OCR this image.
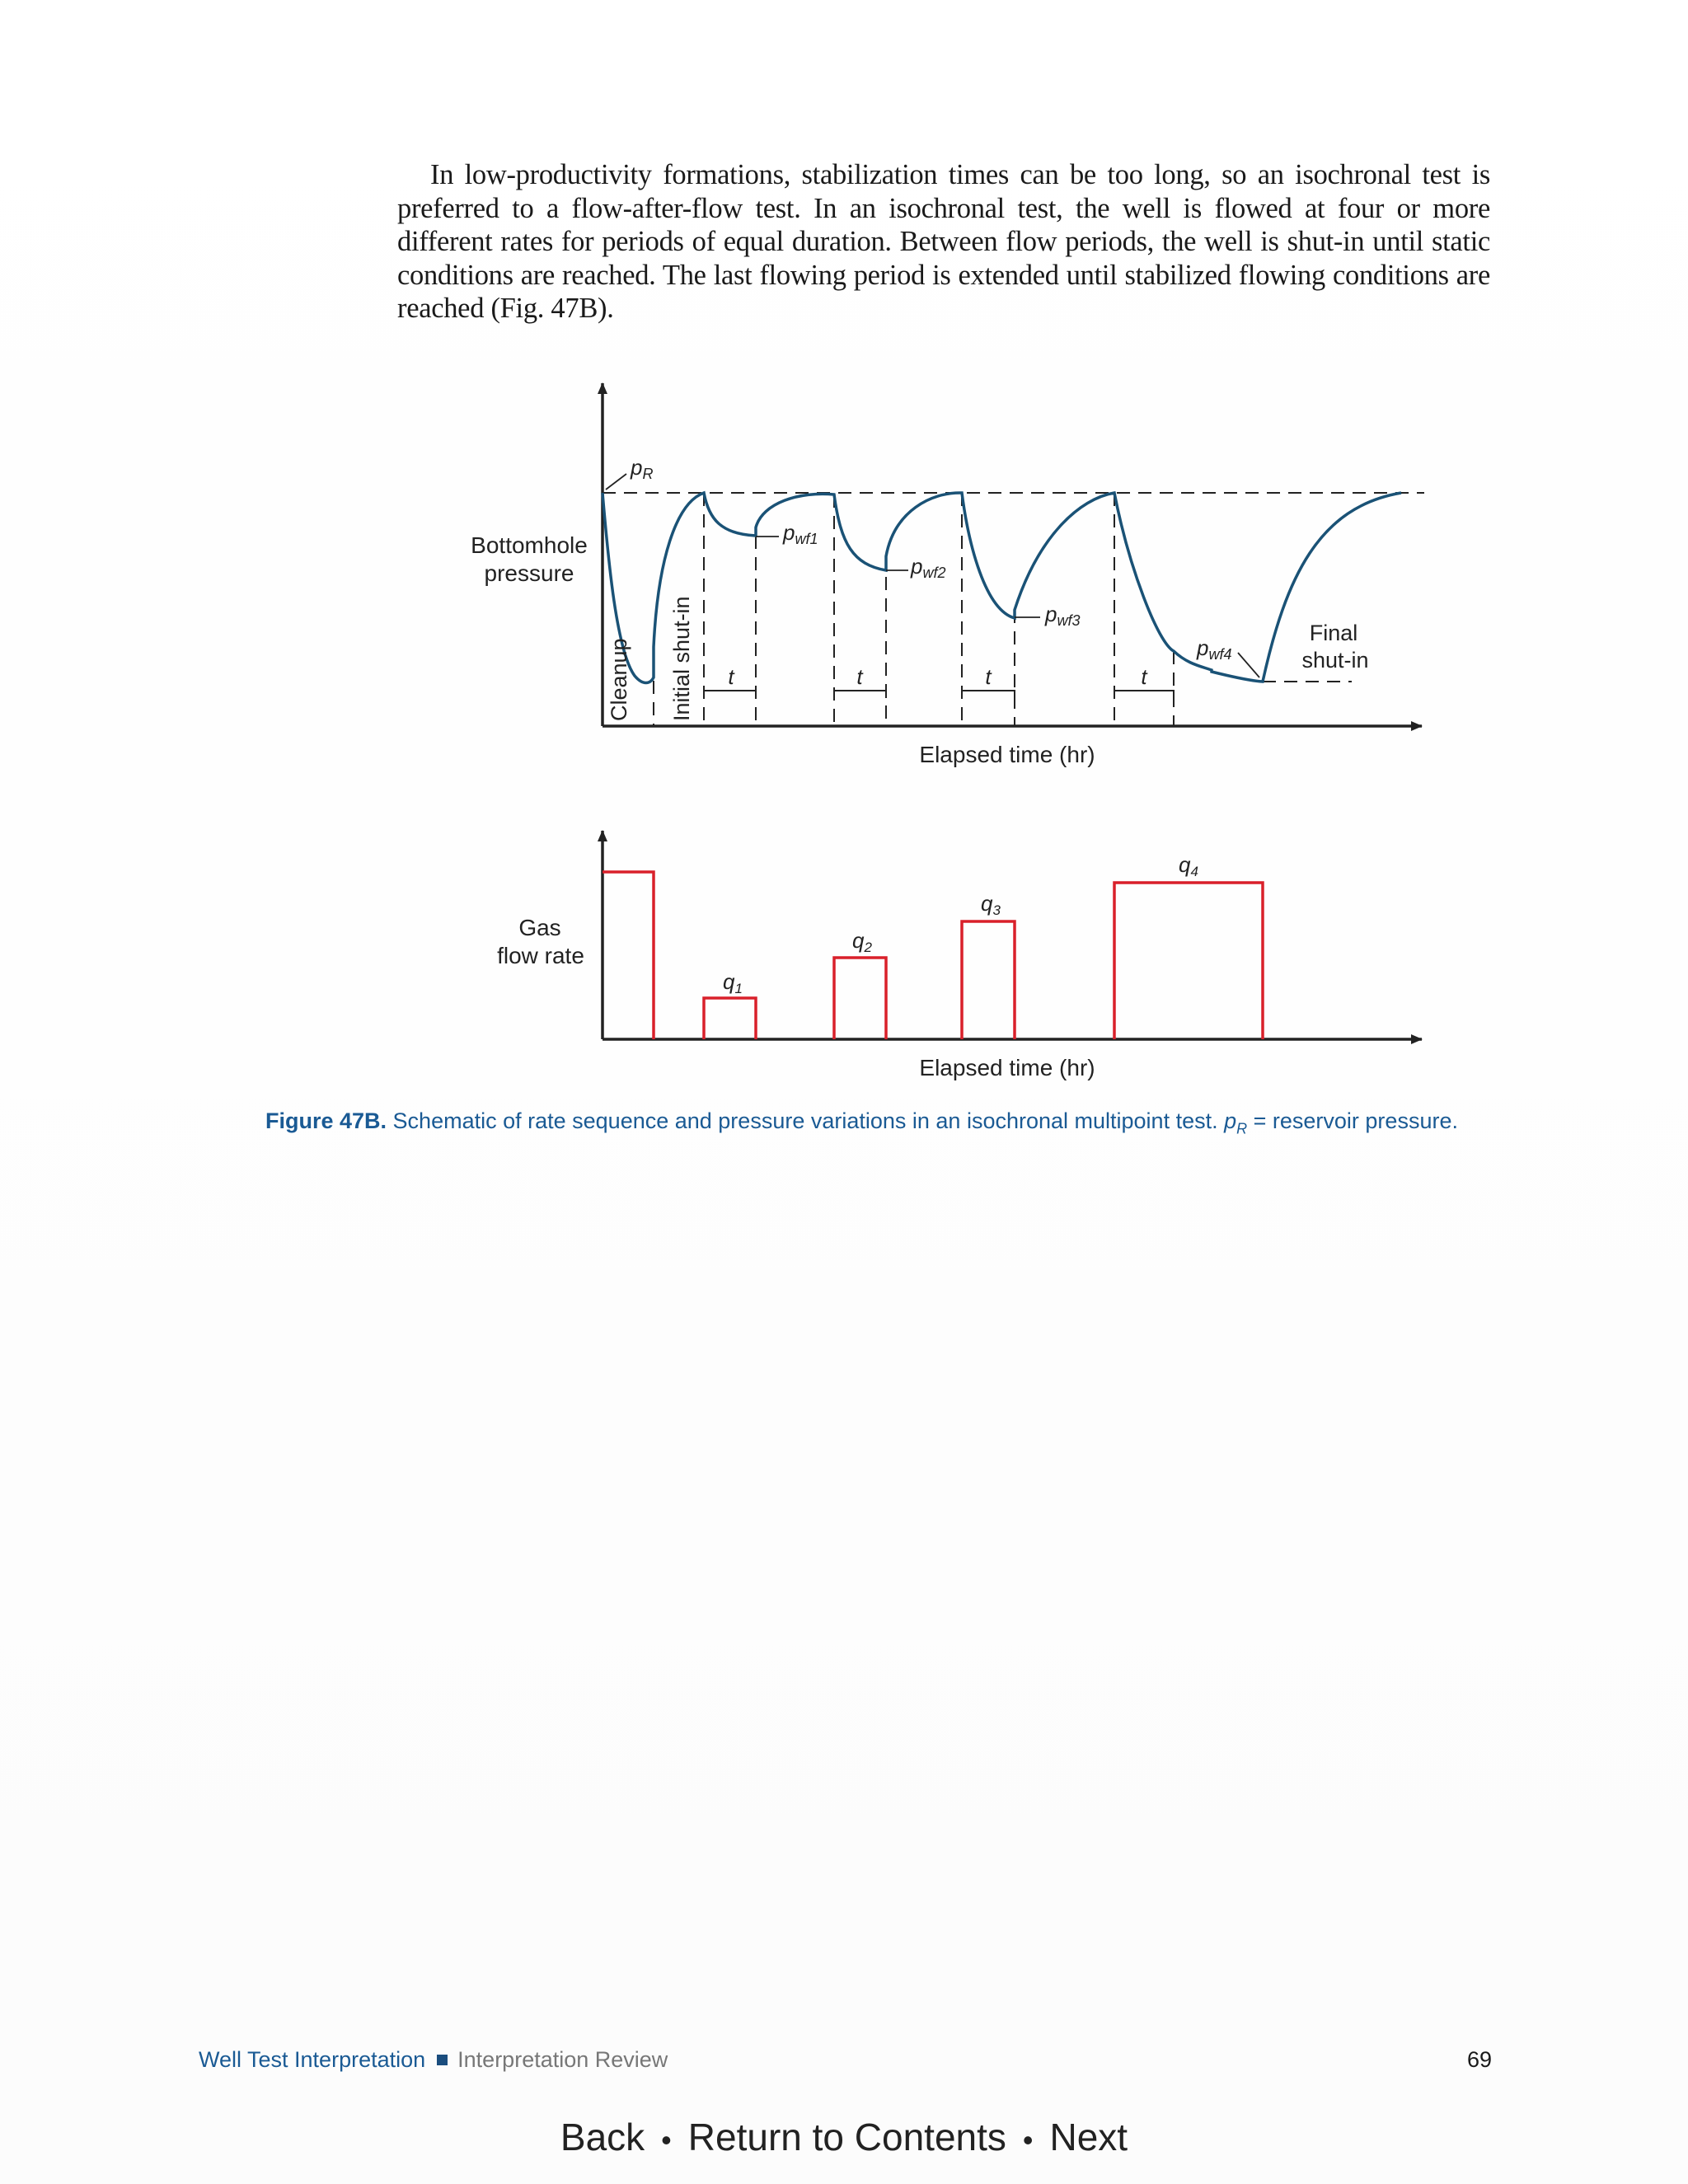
In low-productivity formations, stabilization times can be too long, so an isochronal test is preferred to a flow-after-flow test. In an isochronal test, the well is flowed at four or more different rates for periods of equal duration. Between flow periods, the well is shut-in until static conditions are reached. The last flowing period is extended until stabilized flowing conditions are reached (Fig. 47B).
t	t	t	t
pR
pwf1
pwf2
pwf3
pwf4
Final
shut-in
Cleanup Initial shut-in
Bottomhole
pressure
Elapsed time (hr)
q1
q2
q3
q4
Gas
flow rate
Elapsed time (hr)
Figure 47B. Schematic of rate sequence and pressure variations in an isochronal multipoint test. $p_R$ = reservoir pressure.
Well Test Interpretation Interpretation Review	69
Back • Return to Contents • Next
